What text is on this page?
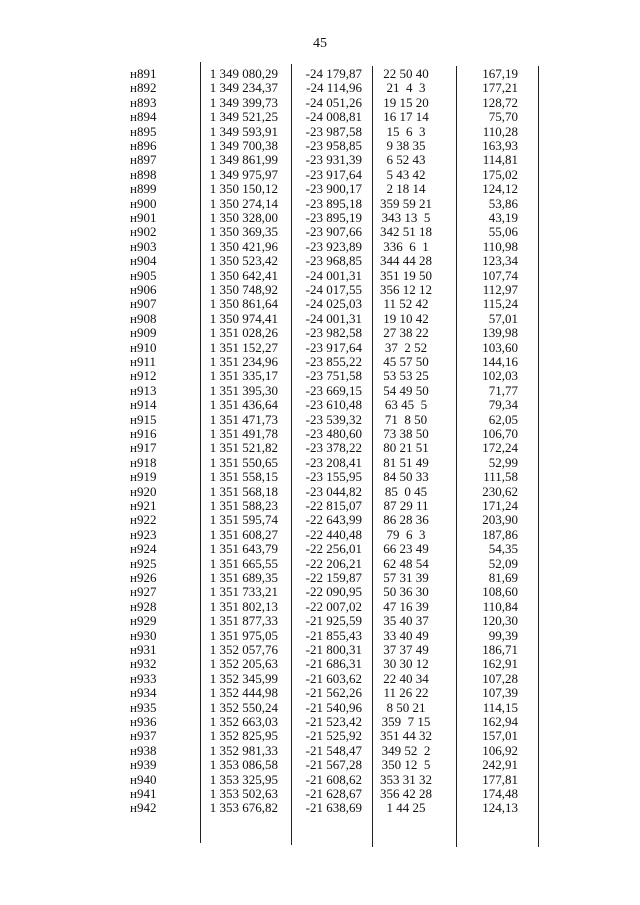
45
н891	1 349 080,29	-24 179,87	22 50 40	167,19
н892	1 349 234,37	-24 114,96	21  4  3	177,21
н893	1 349 399,73	-24 051,26	19 15 20	128,72
н894	1 349 521,25	-24 008,81	16 17 14	75,70
н895	1 349 593,91	-23 987,58	15  6  3	110,28
н896	1 349 700,38	-23 958,85	9 38 35	163,93
н897	1 349 861,99	-23 931,39	6 52 43	114,81
н898	1 349 975,97	-23 917,64	5 43 42	175,02
н899	1 350 150,12	-23 900,17	2 18 14	124,12
н900	1 350 274,14	-23 895,18	359 59 21	53,86
н901	1 350 328,00	-23 895,19	343 13  5	43,19
н902	1 350 369,35	-23 907,66	342 51 18	55,06
н903	1 350 421,96	-23 923,89	336  6  1	110,98
н904	1 350 523,42	-23 968,85	344 44 28	123,34
н905	1 350 642,41	-24 001,31	351 19 50	107,74
н906	1 350 748,92	-24 017,55	356 12 12	112,97
н907	1 350 861,64	-24 025,03	11 52 42	115,24
н908	1 350 974,41	-24 001,31	19 10 42	57,01
н909	1 351 028,26	-23 982,58	27 38 22	139,98
н910	1 351 152,27	-23 917,64	37  2 52	103,60
н911	1 351 234,96	-23 855,22	45 57 50	144,16
н912	1 351 335,17	-23 751,58	53 53 25	102,03
н913	1 351 395,30	-23 669,15	54 49 50	71,77
н914	1 351 436,64	-23 610,48	63 45  5	79,34
н915	1 351 471,73	-23 539,32	71  8 50	62,05
н916	1 351 491,78	-23 480,60	73 38 50	106,70
н917	1 351 521,82	-23 378,22	80 21 51	172,24
н918	1 351 550,65	-23 208,41	81 51 49	52,99
н919	1 351 558,15	-23 155,95	84 50 33	111,58
н920	1 351 568,18	-23 044,82	85  0 45	230,62
н921	1 351 588,23	-22 815,07	87 29 11	171,24
н922	1 351 595,74	-22 643,99	86 28 36	203,90
н923	1 351 608,27	-22 440,48	79  6  3	187,86
н924	1 351 643,79	-22 256,01	66 23 49	54,35
н925	1 351 665,55	-22 206,21	62 48 54	52,09
н926	1 351 689,35	-22 159,87	57 31 39	81,69
н927	1 351 733,21	-22 090,95	50 36 30	108,60
н928	1 351 802,13	-22 007,02	47 16 39	110,84
н929	1 351 877,33	-21 925,59	35 40 37	120,30
н930	1 351 975,05	-21 855,43	33 40 49	99,39
н931	1 352 057,76	-21 800,31	37 37 49	186,71
н932	1 352 205,63	-21 686,31	30 30 12	162,91
н933	1 352 345,99	-21 603,62	22 40 34	107,28
н934	1 352 444,98	-21 562,26	11 26 22	107,39
н935	1 352 550,24	-21 540,96	8 50 21	114,15
н936	1 352 663,03	-21 523,42	359  7 15	162,94
н937	1 352 825,95	-21 525,92	351 44 32	157,01
н938	1 352 981,33	-21 548,47	349 52  2	106,92
н939	1 353 086,58	-21 567,28	350 12  5	242,91
н940	1 353 325,95	-21 608,62	353 31 32	177,81
н941	1 353 502,63	-21 628,67	356 42 28	174,48
н942	1 353 676,82	-21 638,69	1 44 25	124,13
